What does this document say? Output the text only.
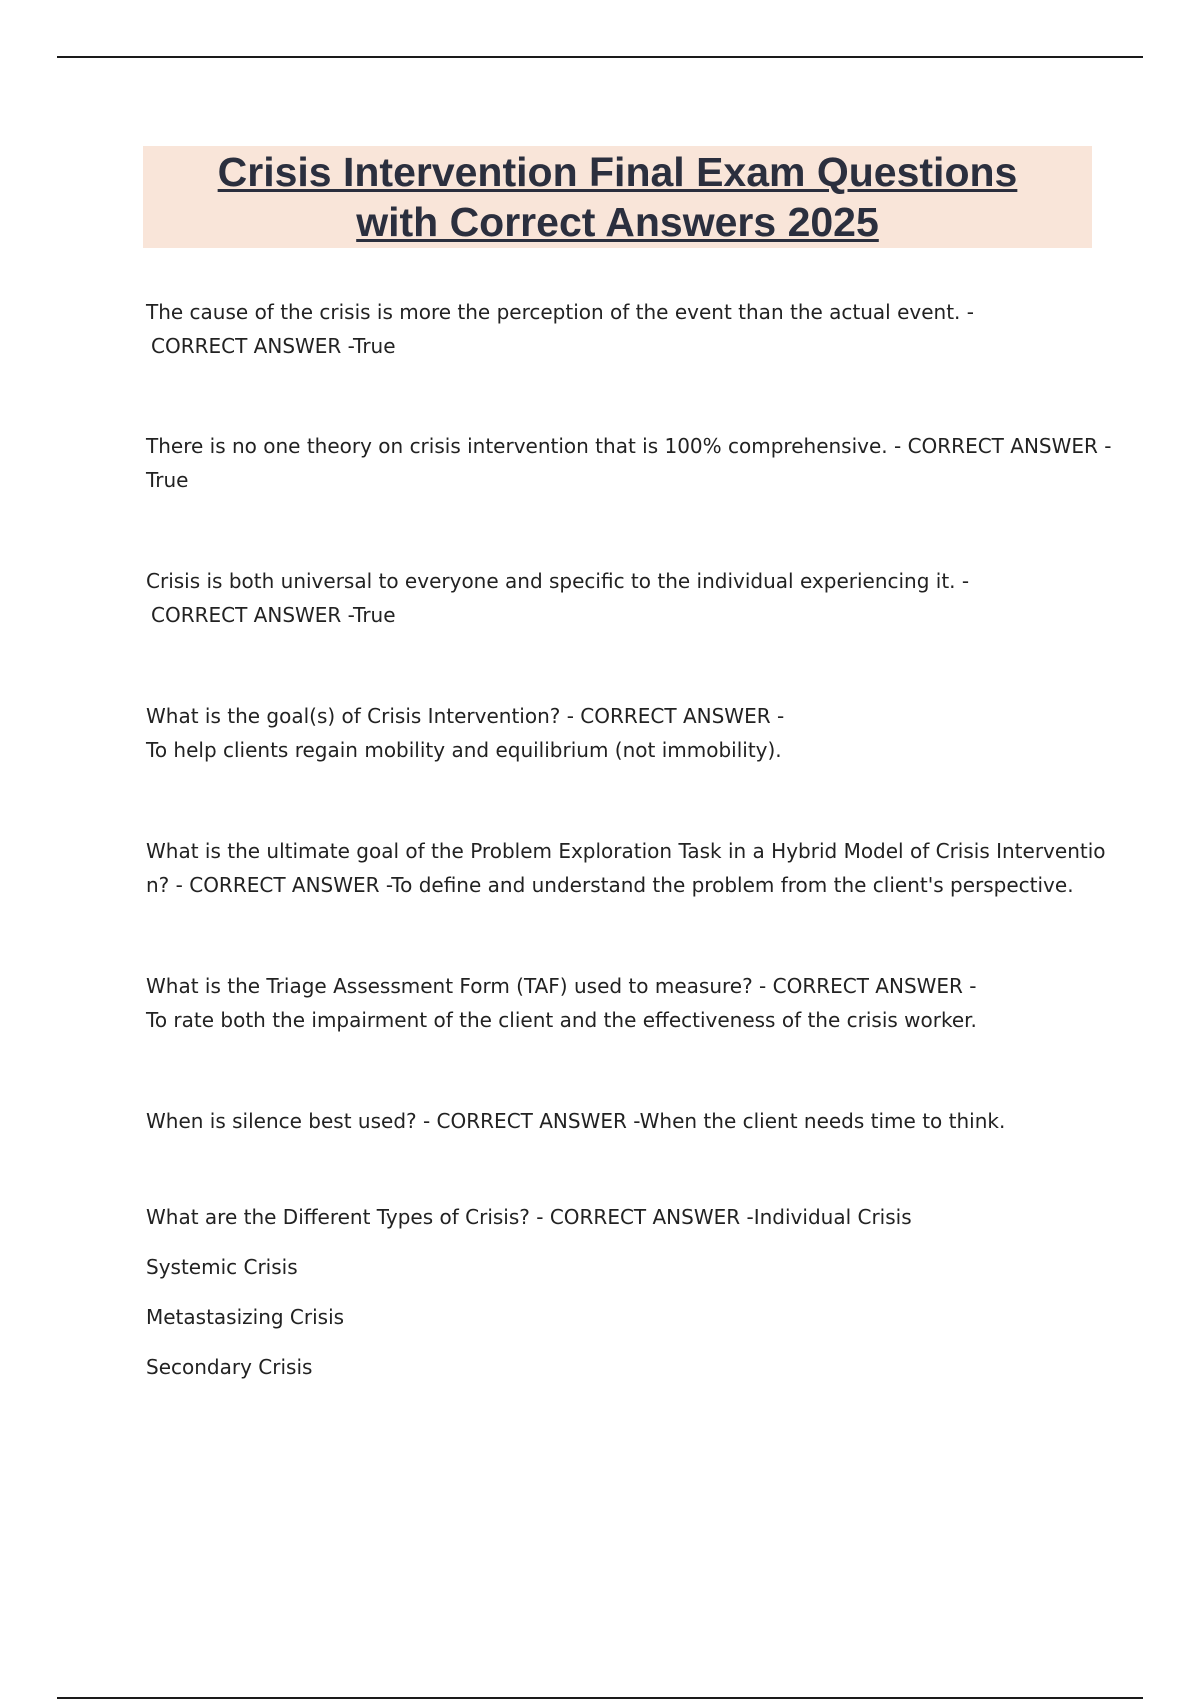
Crisis Intervention Final Exam Questions
with Correct Answers 2025

The cause of the crisis is more the perception of the event than the actual event. -

CORRECT ANSWER -True

There is no one theory on crisis intervention that is 100% comprehensive. - CORRECT ANSWER -

True

Crisis is both universal to everyone and specific to the individual experiencing it. -

CORRECT ANSWER -True

What is the goal(s) of Crisis Intervention? - CORRECT ANSWER -

To help clients regain mobility and equilibrium (not immobility).

What is the ultimate goal of the Problem Exploration Task in a Hybrid Model of Crisis Interventio

n? - CORRECT ANSWER -To define and understand the problem from the client's perspective.

What is the Triage Assessment Form (TAF) used to measure? - CORRECT ANSWER -

To rate both the impairment of the client and the effectiveness of the crisis worker.

When is silence best used? - CORRECT ANSWER -When the client needs time to think.

What are the Different Types of Crisis? - CORRECT ANSWER -Individual Crisis

Systemic Crisis

Metastasizing Crisis

Secondary Crisis
